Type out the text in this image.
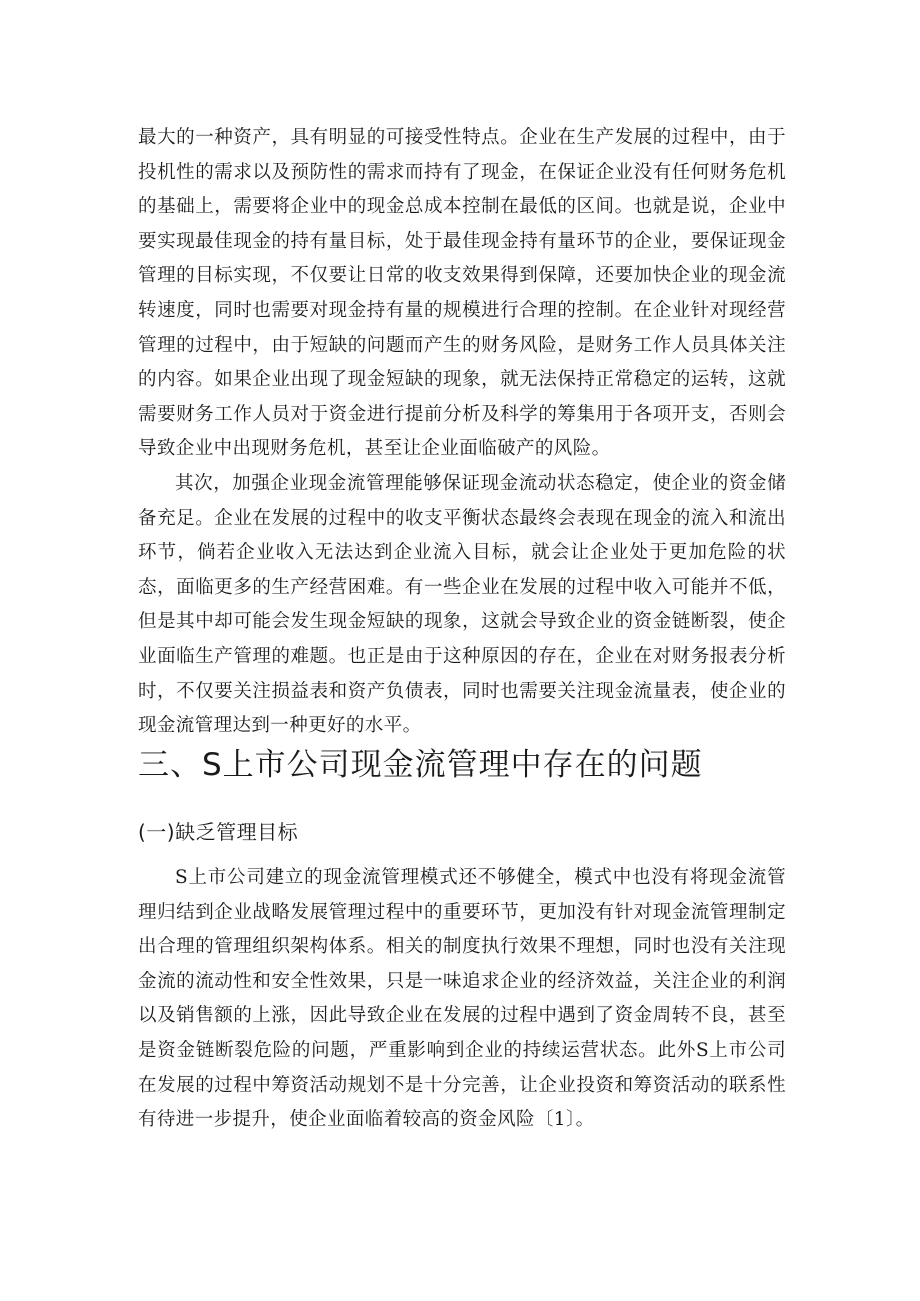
最大的一种资产，具有明显的可接受性特点。企业在生产发展的过程中，由于投机性的需求以及预防性的需求而持有了现金，在保证企业没有任何财务危机的基础上，需要将企业中的现金总成本控制在最低的区间。也就是说，企业中要实现最佳现金的持有量目标，处于最佳现金持有量环节的企业，要保证现金管理的目标实现，不仅要让日常的收支效果得到保障，还要加快企业的现金流转速度，同时也需要对现金持有量的规模进行合理的控制。在企业针对现经营管理的过程中，由于短缺的问题而产生的财务风险，是财务工作人员具体关注的内容。如果企业出现了现金短缺的现象，就无法保持正常稳定的运转，这就需要财务工作人员对于资金进行提前分析及科学的筹集用于各项开支，否则会导致企业中出现财务危机，甚至让企业面临破产的风险。

其次，加强企业现金流管理能够保证现金流动状态稳定，使企业的资金储备充足。企业在发展的过程中的收支平衡状态最终会表现在现金的流入和流出环节，倘若企业收入无法达到企业流入目标，就会让企业处于更加危险的状态，面临更多的生产经营困难。有一些企业在发展的过程中收入可能并不低，但是其中却可能会发生现金短缺的现象，这就会导致企业的资金链断裂，使企业面临生产管理的难题。也正是由于这种原因的存在，企业在对财务报表分析时，不仅要关注损益表和资产负债表，同时也需要关注现金流量表，使企业的现金流管理达到一种更好的水平。

三、S上市公司现金流管理中存在的问题
(一)缺乏管理目标

S上市公司建立的现金流管理模式还不够健全，模式中也没有将现金流管理归结到企业战略发展管理过程中的重要环节，更加没有针对现金流管理制定出合理的管理组织架构体系。相关的制度执行效果不理想，同时也没有关注现金流的流动性和安全性效果，只是一味追求企业的经济效益，关注企业的利润以及销售额的上涨，因此导致企业在发展的过程中遇到了资金周转不良，甚至是资金链断裂危险的问题，严重影响到企业的持续运营状态。此外S上市公司在发展的过程中筹资活动规划不是十分完善，让企业投资和筹资活动的联系性有待进一步提升，使企业面临着较高的资金风险〔1〕。
